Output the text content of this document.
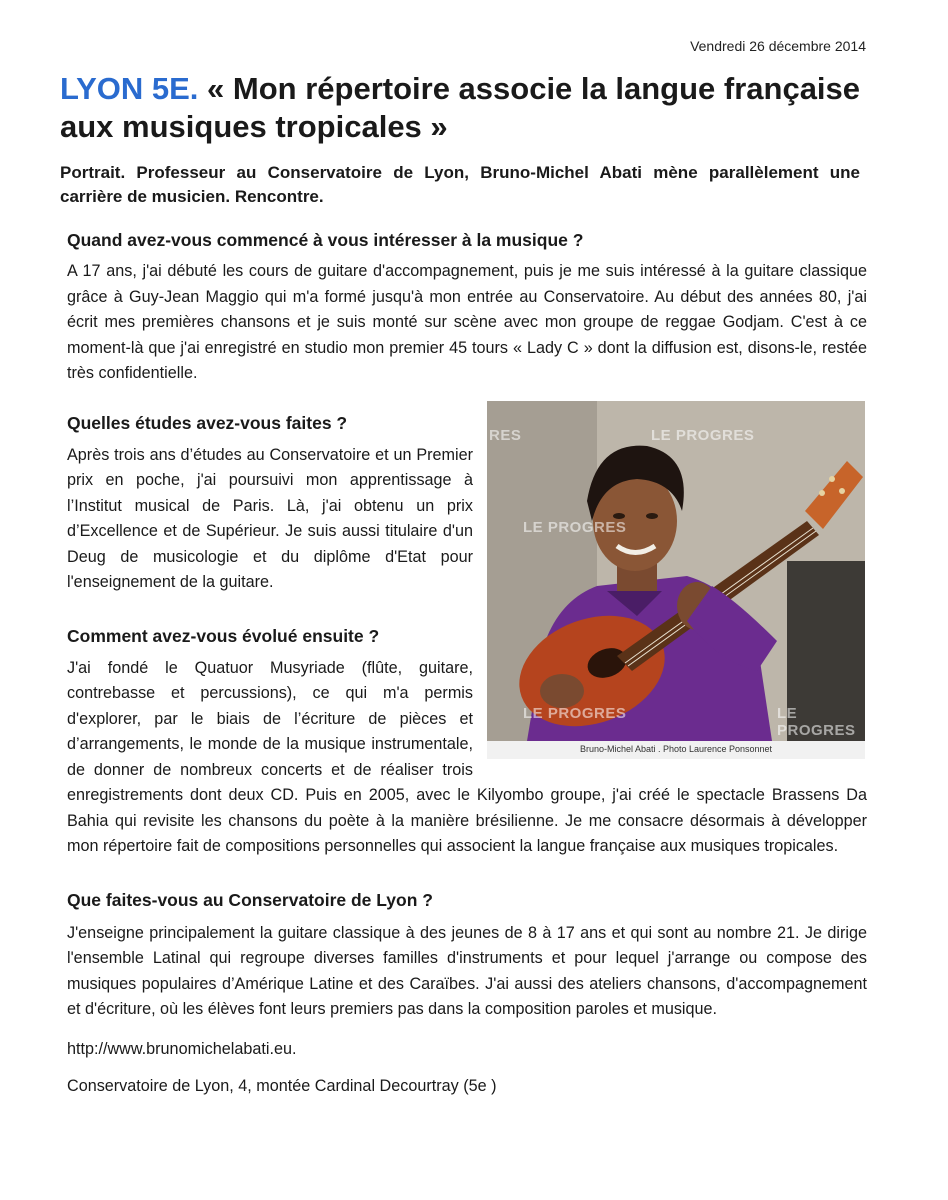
Vendredi 26 décembre 2014
LYON 5E. « Mon répertoire associe la langue française aux musiques tropicales »

Portrait. Professeur au Conservatoire de Lyon, Bruno-Michel Abati mène parallèlement une carrière de musicien. Rencontre.

Quand avez-vous commencé à vous intéresser à la musique ?

A 17 ans, j'ai débuté les cours de guitare d'accompagnement, puis je me suis intéressé à la guitare classique grâce à Guy-Jean Maggio qui m'a formé jusqu'à mon entrée au Conservatoire. Au début des années 80, j'ai écrit mes premières chansons et je suis monté sur scène avec mon groupe de reggae Godjam. C'est à ce moment-là que j'ai enregistré en studio mon premier 45 tours « Lady C » dont la diffusion est, disons-le, restée très confidentielle.

LE PROGRES
RES
LE PROGRES
LE PROGRES	LE PROGRES
Bruno-Michel Abati . Photo Laurence Ponsonnet

Quelles études avez-vous faites ?

Après trois ans d’études au Conservatoire et un Premier prix en poche, j'ai poursuivi mon apprentissage à l’Institut musical de Paris. Là, j'ai obtenu un prix d’Excellence et de Supérieur. Je suis aussi titulaire d'un Deug de musicologie et du diplôme d'Etat pour l'enseignement de la guitare.

Comment avez-vous évolué ensuite ?

J'ai fondé le Quatuor Musyriade (flûte, guitare, contrebasse et percussions), ce qui m'a permis d'explorer, par le biais de l’écriture de pièces et d’arrangements, le monde de la musique instrumentale, de donner de nombreux concerts et de réaliser trois enregistrements dont deux CD. Puis en 2005, avec le Kilyombo groupe, j'ai créé le spectacle Brassens Da Bahia qui revisite les chansons du poète à la manière brésilienne. Je me consacre désormais à développer mon répertoire fait de compositions personnelles qui associent la langue française aux musiques tropicales.

Que faites-vous au Conservatoire de Lyon ?

J'enseigne principalement la guitare classique à des jeunes de 8 à 17 ans et qui sont au nombre 21. Je dirige l'ensemble Latinal qui regroupe diverses familles d'instruments et pour lequel j'arrange ou compose des musiques populaires d’Amérique Latine et des Caraïbes. J'ai aussi des ateliers chansons, d'accompagnement et d'écriture, où les élèves font leurs premiers pas dans la composition paroles et musique.

http://www.brunomichelabati.eu.

Conservatoire de Lyon, 4, montée Cardinal Decourtray (5e )
